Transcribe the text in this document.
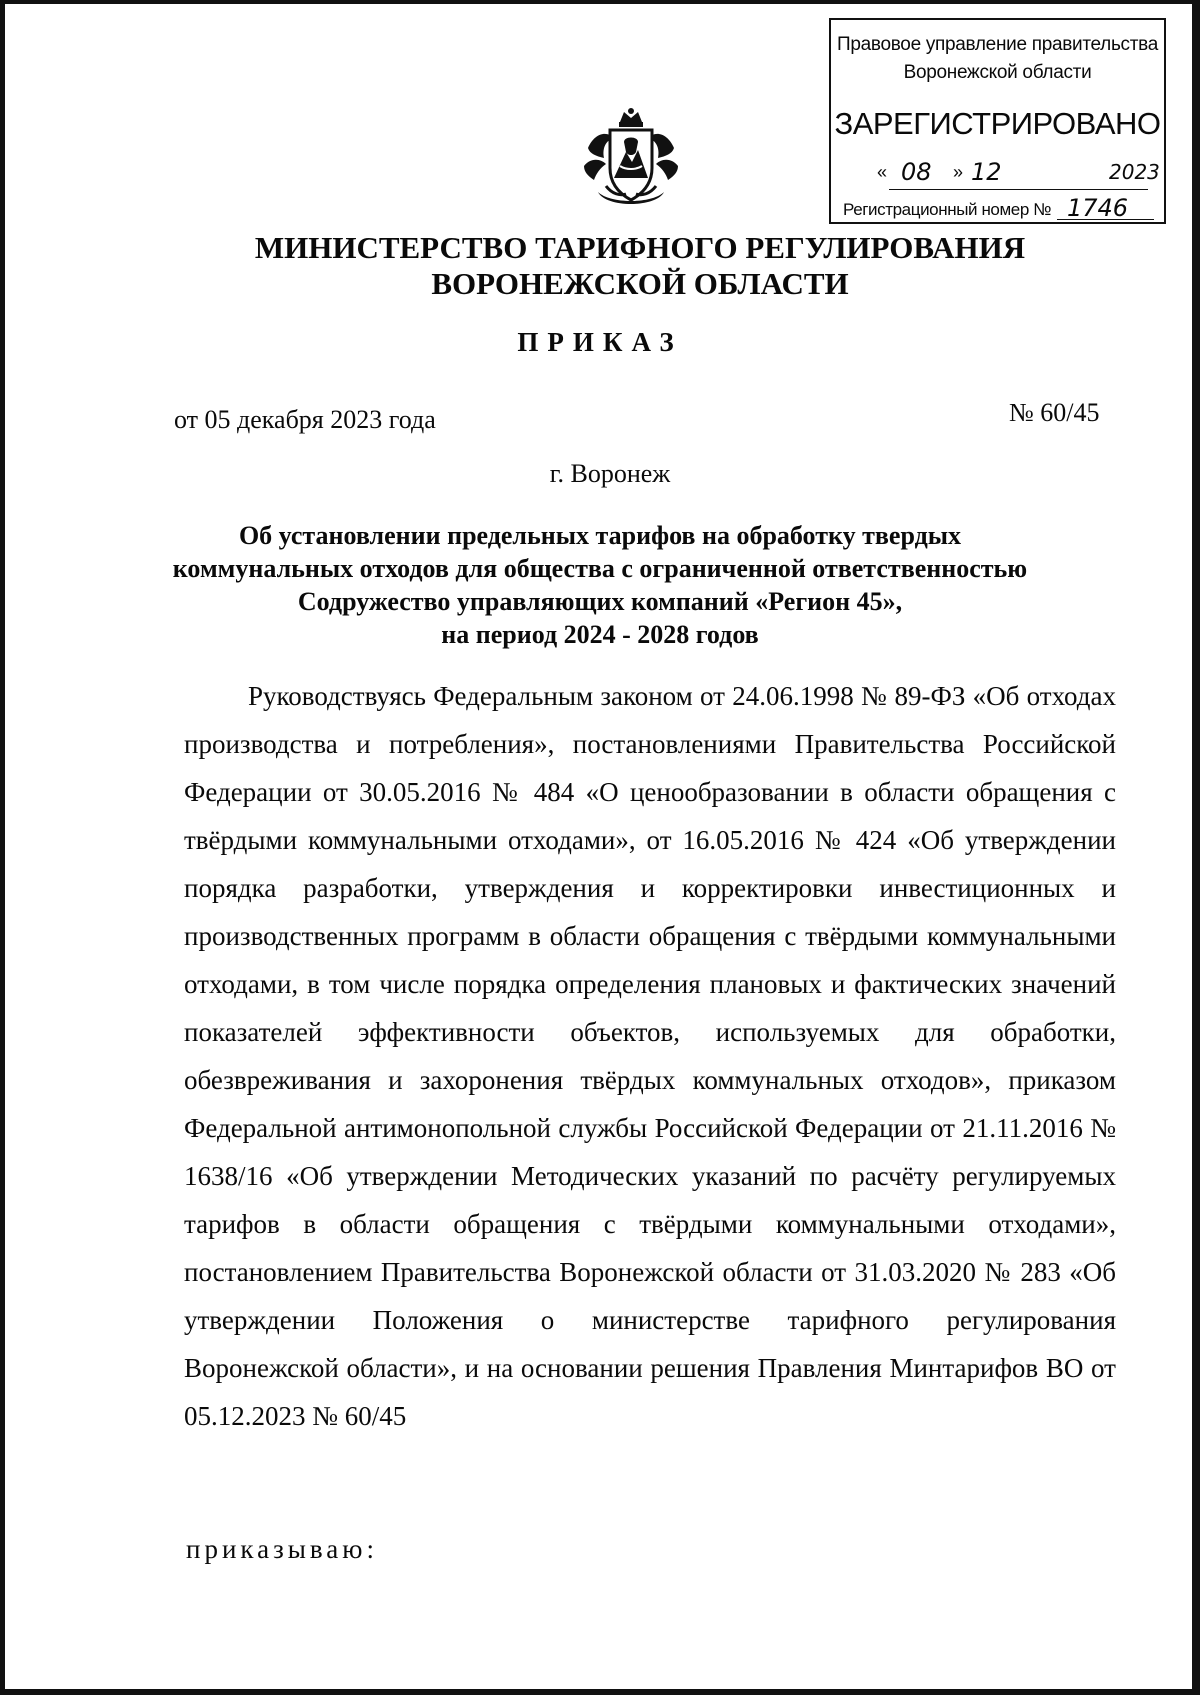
Правовое управление правительства
Воронежской области
ЗАРЕГИСТРИРОВАНО
« 08 » 12	2023
Регистрационный номер № 1746
МИНИСТЕРСТВО ТАРИФНОГО РЕГУЛИРОВАНИЯ
ВОРОНЕЖСКОЙ ОБЛАСТИ
ПРИКАЗ
от 05 декабря 2023 года	№ 60/45
г. Воронеж
Об установлении предельных тарифов на обработку твердых
коммунальных отходов для общества с ограниченной ответственностью
Содружество управляющих компаний «Регион 45»,
на период 2024 - 2028 годов
Руководствуясь Федеральным законом от 24.06.1998 № 89-ФЗ «Об отходах производства и потребления», постановлениями Правительства Российской Федерации от 30.05.2016 № 484 «О ценообразовании в области обращения с твёрдыми коммунальными отходами», от 16.05.2016 № 424 «Об утверждении порядка разработки, утверждения и корректировки инвестиционных и производственных программ в области обращения с твёрдыми коммунальными отходами, в том числе порядка определения плановых и фактических значений показателей эффективности объектов, используемых для обработки, обезвреживания и захоронения твёрдых коммунальных отходов», приказом Федеральной антимонопольной службы Российской Федерации от 21.11.2016 № 1638/16 «Об утверждении Методических указаний по расчёту регулируемых тарифов в области обращения с твёрдыми коммунальными отходами», постановлением Правительства Воронежской области от 31.03.2020 № 283 «Об утверждении Положения о министерстве тарифного регулирования Воронежской области», и на основании решения Правления Минтарифов ВО от 05.12.2023 № 60/45
приказываю:
